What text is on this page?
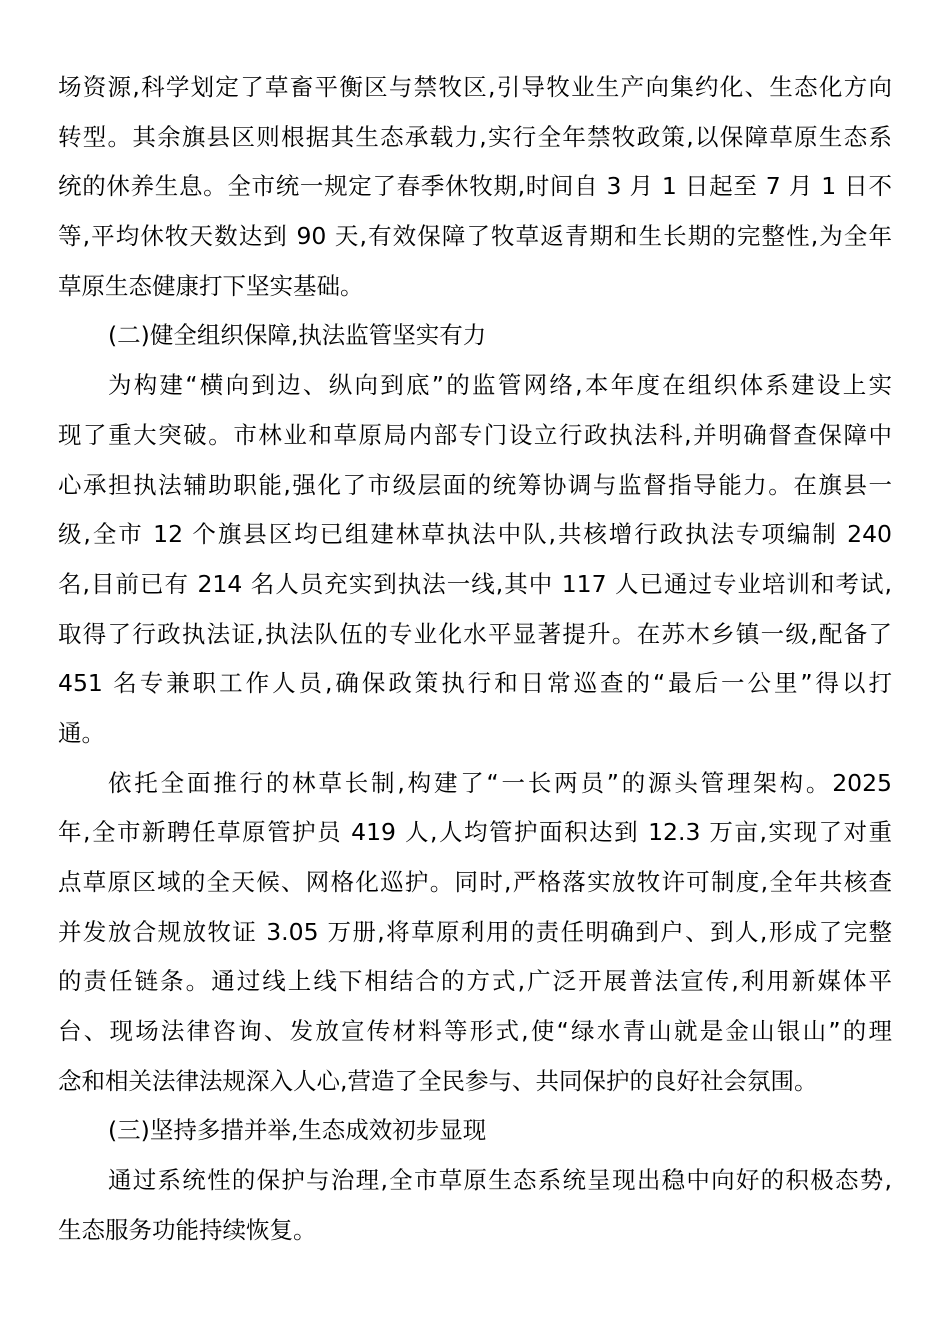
场资源,科学划定了草畜平衡区与禁牧区,引导牧业生产向集约化、生态化方向
转型。其余旗县区则根据其生态承载力,实行全年禁牧政策,以保障草原生态系
统的休养生息。全市统一规定了春季休牧期,时间自 3 月 1 日起至 7 月 1 日不
等,平均休牧天数达到 90 天,有效保障了牧草返青期和生长期的完整性,为全年
草原生态健康打下坚实基础。
(二)健全组织保障,执法监管坚实有力
为构建“横向到边、纵向到底”的监管网络,本年度在组织体系建设上实
现了重大突破。市林业和草原局内部专门设立行政执法科,并明确督查保障中
心承担执法辅助职能,强化了市级层面的统筹协调与监督指导能力。在旗县一
级,全市 12 个旗县区均已组建林草执法中队,共核增行政执法专项编制 240
名,目前已有 214 名人员充实到执法一线,其中 117 人已通过专业培训和考试,
取得了行政执法证,执法队伍的专业化水平显著提升。在苏木乡镇一级,配备了
451 名专兼职工作人员,确保政策执行和日常巡查的“最后一公里”得以打
通。
依托全面推行的林草长制,构建了“一长两员”的源头管理架构。2025
年,全市新聘任草原管护员 419 人,人均管护面积达到 12.3 万亩,实现了对重
点草原区域的全天候、网格化巡护。同时,严格落实放牧许可制度,全年共核查
并发放合规放牧证 3.05 万册,将草原利用的责任明确到户、到人,形成了完整
的责任链条。通过线上线下相结合的方式,广泛开展普法宣传,利用新媒体平
台、现场法律咨询、发放宣传材料等形式,使“绿水青山就是金山银山”的理
念和相关法律法规深入人心,营造了全民参与、共同保护的良好社会氛围。
(三)坚持多措并举,生态成效初步显现
通过系统性的保护与治理,全市草原生态系统呈现出稳中向好的积极态势,
生态服务功能持续恢复。
